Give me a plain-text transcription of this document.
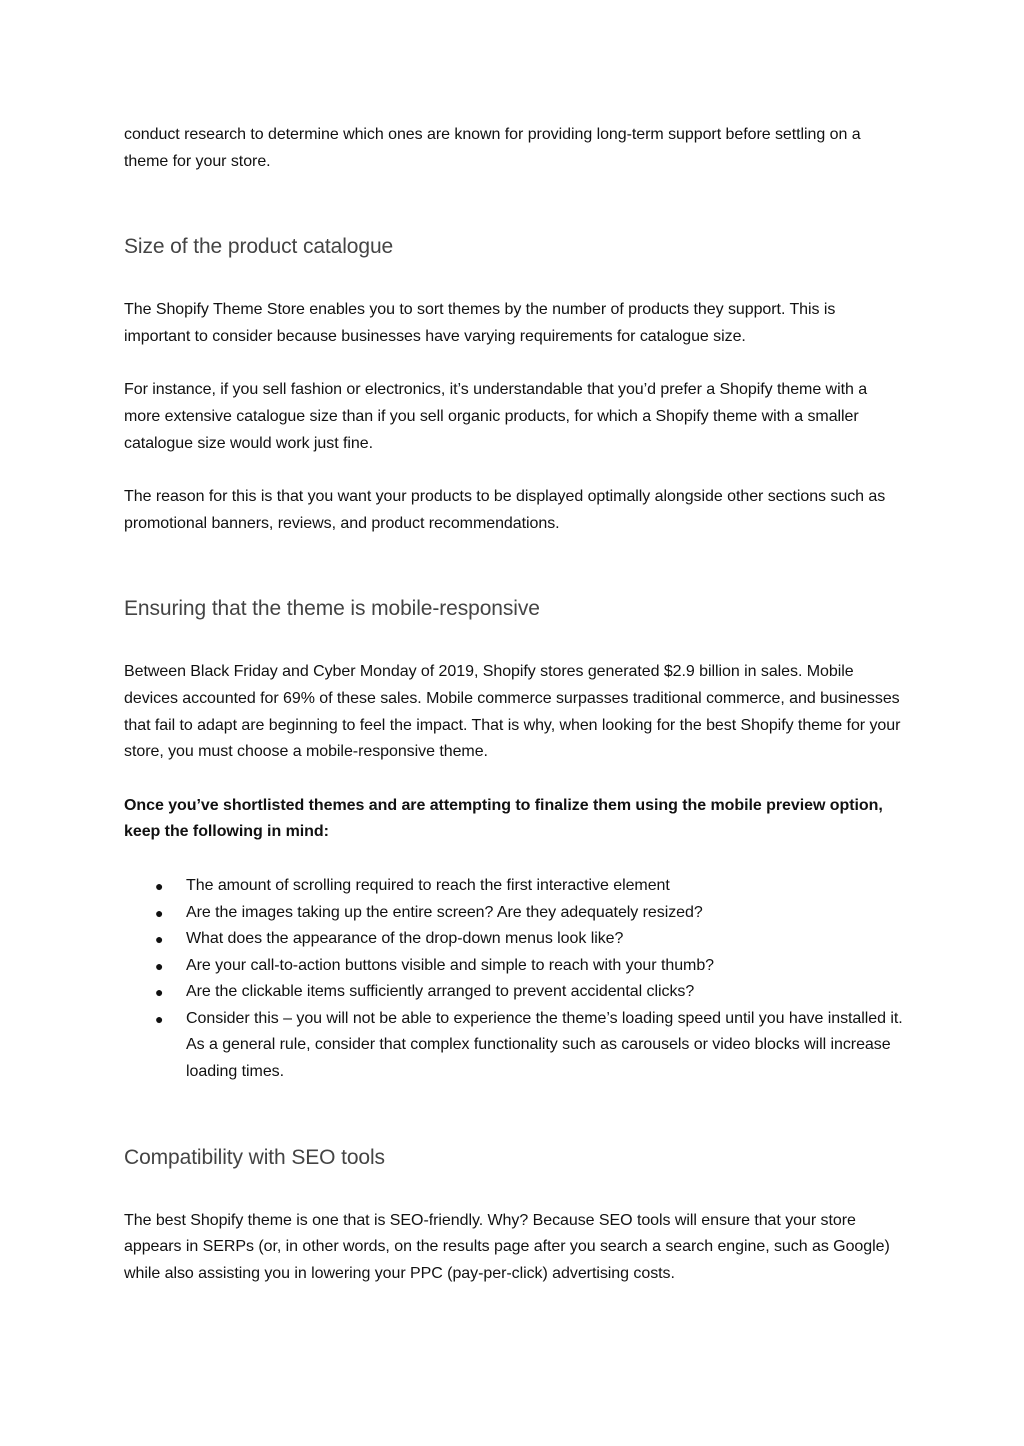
conduct research to determine which ones are known for providing long-term support before settling on a theme for your store.

Size of the product catalogue

The Shopify Theme Store enables you to sort themes by the number of products they support. This is important to consider because businesses have varying requirements for catalogue size.

For instance, if you sell fashion or electronics, it’s understandable that you’d prefer a Shopify theme with a more extensive catalogue size than if you sell organic products, for which a Shopify theme with a smaller catalogue size would work just fine.

The reason for this is that you want your products to be displayed optimally alongside other sections such as promotional banners, reviews, and product recommendations.

Ensuring that the theme is mobile-responsive

Between Black Friday and Cyber Monday of 2019, Shopify stores generated $2.9 billion in sales. Mobile devices accounted for 69% of these sales. Mobile commerce surpasses traditional commerce, and businesses that fail to adapt are beginning to feel the impact. That is why, when looking for the best Shopify theme for your store, you must choose a mobile-responsive theme.

Once you’ve shortlisted themes and are attempting to finalize them using the mobile preview option, keep the following in mind:

● The amount of scrolling required to reach the first interactive element
● Are the images taking up the entire screen? Are they adequately resized?
● What does the appearance of the drop-down menus look like?
● Are your call-to-action buttons visible and simple to reach with your thumb?
● Are the clickable items sufficiently arranged to prevent accidental clicks?
● Consider this – you will not be able to experience the theme’s loading speed until you have installed it. As a general rule, consider that complex functionality such as carousels or video blocks will increase loading times.
Compatibility with SEO tools

The best Shopify theme is one that is SEO-friendly. Why? Because SEO tools will ensure that your store appears in SERPs (or, in other words, on the results page after you search a search engine, such as Google) while also assisting you in lowering your PPC (pay-per-click) advertising costs.
